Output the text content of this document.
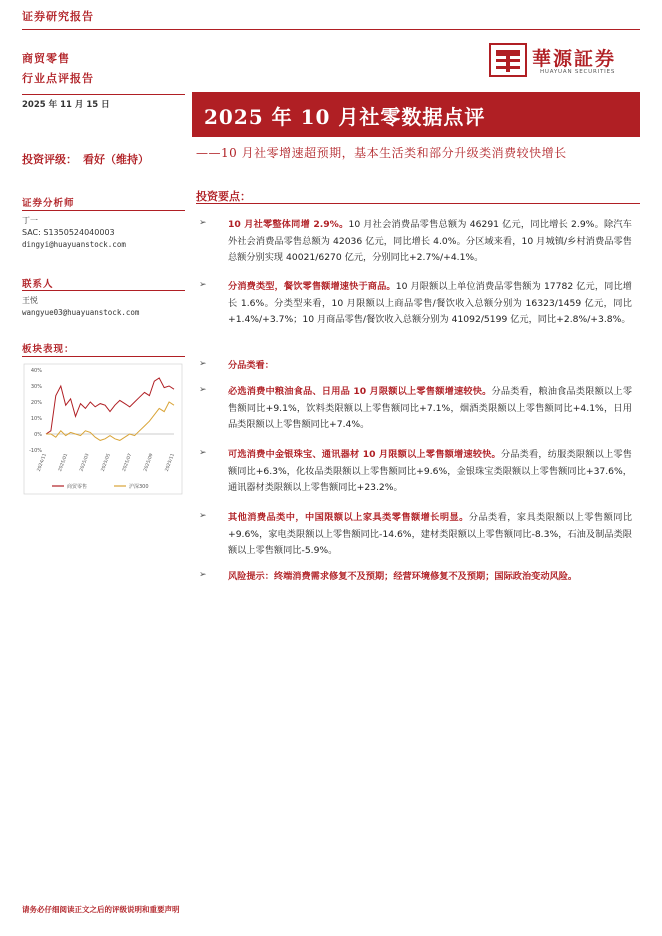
证券研究报告
商贸零售
行业点评报告
華源証券
HUAYUAN SECURITIES
2025 年 11 月 15 日	2025 年 10 月社零数据点评
投资评级： 看好（维持）	——10 月社零增速超预期，基本生活类和部分升级类消费较快增长
证券分析师
丁一
SAC: S1350524040003
dingyi@huayuanstock.com
联系人
王悦
wangyue03@huayuanstock.com
板块表现：
40%
30%
20%
10%
0%
-10%
2024/11 2025/01 2025/03 2025/05 2025/07 2025/09 2025/11
商贸零售	沪深300
投资要点：
➢ 10 月社零整体同增 2.9%。10 月社会消费品零售总额为 46291 亿元，同比增长 2.9%。除汽车外社会消费品零售总额为 42036 亿元，同比增长 4.0%。分区域来看，10 月城镇/乡村消费品零售总额分别实现 40021/6270 亿元，分别同比+2.7%/+4.1%。
➢ 分消费类型，餐饮零售额增速快于商品。10 月限额以上单位消费品零售额为 17782 亿元，同比增长 1.6%。分类型来看，10 月限额以上商品零售/餐饮收入总额分别为 16323/1459 亿元，同比+1.4%/+3.7%；10 月商品零售/餐饮收入总额分别为 41092/5199 亿元，同比+2.8%/+3.8%。
➢ 分品类看：
➢ 必选消费中粮油食品、日用品 10 月限额以上零售额增速较快。分品类看，粮油食品类限额以上零售额同比+9.1%，饮料类限额以上零售额同比+7.1%，烟酒类限额以上零售额同比+4.1%，日用品类限额以上零售额同比+7.4%。
➢ 可选消费中金银珠宝、通讯器材 10 月限额以上零售额增速较快。分品类看，纺服类限额以上零售额同比+6.3%，化妆品类限额以上零售额同比+9.6%，金银珠宝类限额以上零售额同比+37.6%，通讯器材类限额以上零售额同比+23.2%。
➢ 其他消费品类中，中国限额以上家具类零售额增长明显。分品类看，家具类限额以上零售额同比+9.6%，家电类限额以上零售额同比-14.6%，建材类限额以上零售额同比-8.3%，石油及制品类限额以上零售额同比-5.9%。
➢ 风险提示：终端消费需求修复不及预期；经营环境修复不及预期；国际政治变动风险。
请务必仔细阅读正文之后的评级说明和重要声明
